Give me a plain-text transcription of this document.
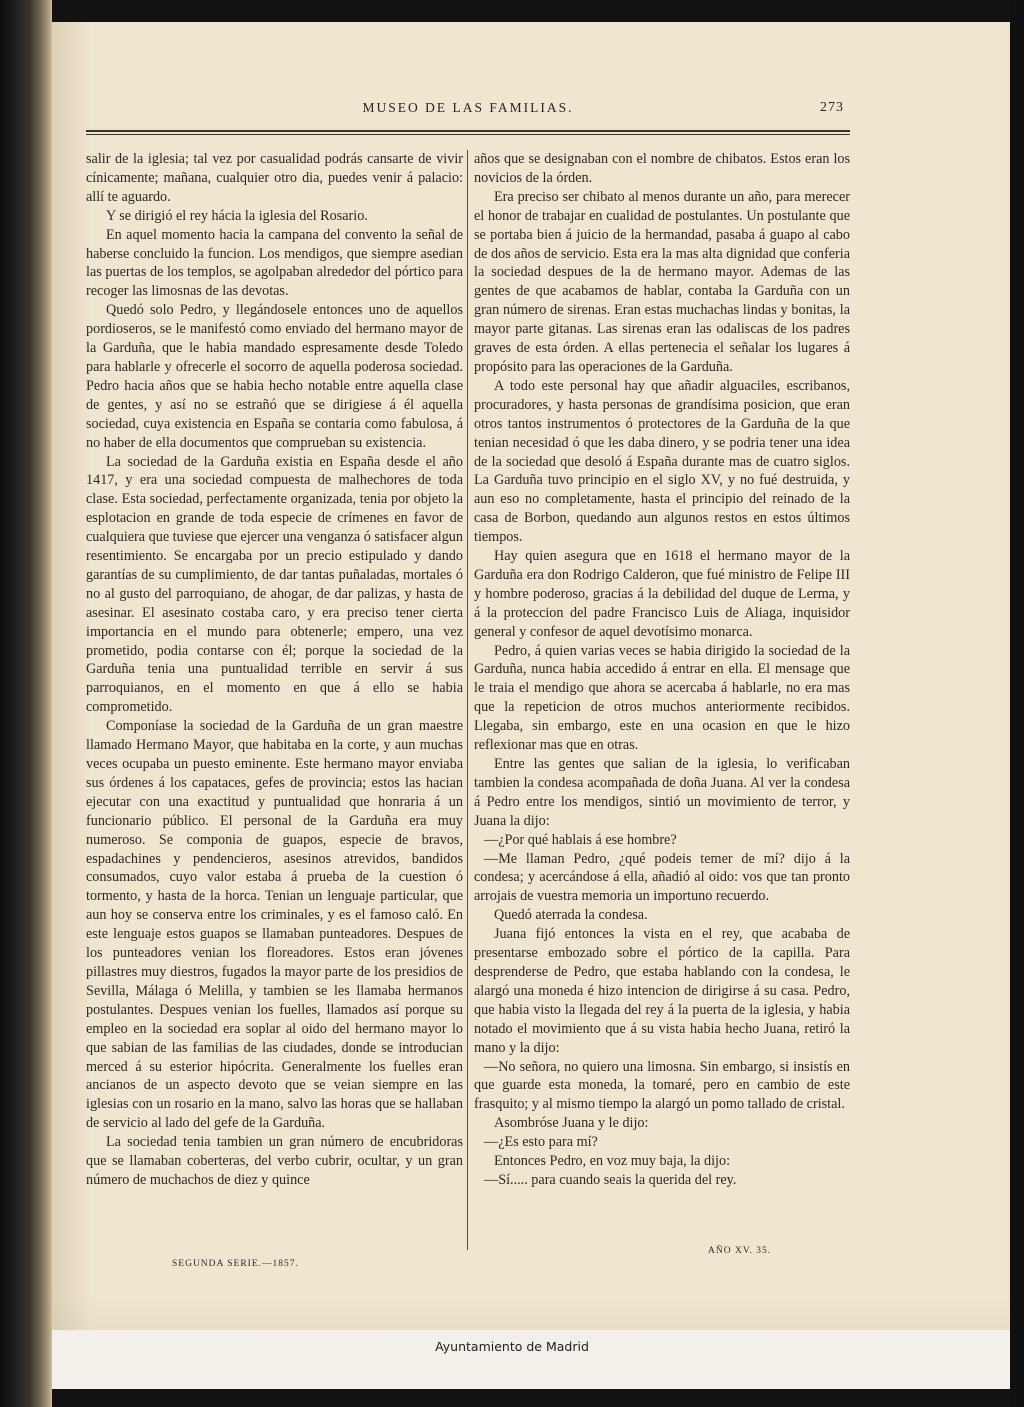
MUSEO DE LAS FAMILIAS.	273

salir de la iglesia; tal vez por casualidad podrás cansarte de vivir cínicamente; mañana, cualquier otro dia, puedes venir á palacio: allí te aguardo.

Y se dirigió el rey hácia la iglesia del Rosario.

En aquel momento hacia la campana del convento la señal de haberse concluido la funcion. Los mendigos, que siempre asedian las puertas de los templos, se agolpaban alrededor del pórtico para recoger las limosnas de las devotas.

Quedó solo Pedro, y llegándosele entonces uno de aquellos pordioseros, se le manifestó como enviado del hermano mayor de la Garduña, que le habia mandado espresamente desde Toledo para hablarle y ofrecerle el socorro de aquella poderosa sociedad. Pedro hacia años que se habia hecho notable entre aquella clase de gentes, y así no se estrañó que se dirigiese á él aquella sociedad, cuya existencia en España se contaria como fabulosa, á no haber de ella documentos que comprueban su existencia.

La sociedad de la Garduña existia en España desde el año 1417, y era una sociedad compuesta de malhechores de toda clase. Esta sociedad, perfectamente organizada, tenia por objeto la esplotacion en grande de toda especie de crímenes en favor de cualquiera que tuviese que ejercer una venganza ó satisfacer algun resentimiento. Se encargaba por un precio estipulado y dando garantías de su cumplimiento, de dar tantas puñaladas, mortales ó no al gusto del parroquiano, de ahogar, de dar palizas, y hasta de asesinar. El asesinato costaba caro, y era preciso tener cierta importancia en el mundo para obtenerle; empero, una vez prometido, podia contarse con él; porque la sociedad de la Garduña tenia una puntualidad terrible en servir á sus parroquianos, en el momento en que á ello se habia comprometido.

Componíase la sociedad de la Garduña de un gran maestre llamado Hermano Mayor, que habitaba en la corte, y aun muchas veces ocupaba un puesto eminente. Este hermano mayor enviaba sus órdenes á los capataces, gefes de provincia; estos las hacian ejecutar con una exactitud y puntualidad que honraria á un funcionario público. El personal de la Garduña era muy numeroso. Se componia de guapos, especie de bravos, espadachines y pendencieros, asesinos atrevidos, bandidos consumados, cuyo valor estaba á prueba de la cuestion ó tormento, y hasta de la horca. Tenian un lenguaje particular, que aun hoy se conserva entre los criminales, y es el famoso caló. En este lenguaje estos guapos se llamaban punteadores. Despues de los punteadores venian los floreadores. Estos eran jóvenes pillastres muy diestros, fugados la mayor parte de los presidios de Sevilla, Málaga ó Melilla, y tambien se les llamaba hermanos postulantes. Despues venian los fuelles, llamados así porque su empleo en la sociedad era soplar al oido del hermano mayor lo que sabian de las familias de las ciudades, donde se introducian merced á su esterior hipócrita. Generalmente los fuelles eran ancianos de un aspecto devoto que se veian siempre en las iglesias con un rosario en la mano, salvo las horas que se hallaban de servicio al lado del gefe de la Garduña.

La sociedad tenia tambien un gran número de encubridoras que se llamaban coberteras, del verbo cubrir, ocultar, y un gran número de muchachos de diez y quince

años que se designaban con el nombre de chibatos. Estos eran los novicios de la órden.

Era preciso ser chibato al menos durante un año, para merecer el honor de trabajar en cualidad de postulantes. Un postulante que se portaba bien á juicio de la hermandad, pasaba á guapo al cabo de dos años de servicio. Esta era la mas alta dignidad que conferia la sociedad despues de la de hermano mayor. Ademas de las gentes de que acabamos de hablar, contaba la Garduña con un gran número de sirenas. Eran estas muchachas lindas y bonitas, la mayor parte gitanas. Las sirenas eran las odaliscas de los padres graves de esta órden. A ellas pertenecia el señalar los lugares á propósito para las operaciones de la Garduña.

A todo este personal hay que añadir alguaciles, escribanos, procuradores, y hasta personas de grandísima posicion, que eran otros tantos instrumentos ó protectores de la Garduña de la que tenian necesidad ó que les daba dinero, y se podria tener una idea de la sociedad que desoló á España durante mas de cuatro siglos. La Garduña tuvo principio en el siglo XV, y no fué destruida, y aun eso no completamente, hasta el principio del reinado de la casa de Borbon, quedando aun algunos restos en estos últimos tiempos.

Hay quien asegura que en 1618 el hermano mayor de la Garduña era don Rodrigo Calderon, que fué ministro de Felipe III y hombre poderoso, gracias á la debilidad del duque de Lerma, y á la proteccion del padre Francisco Luis de Aliaga, inquisidor general y confesor de aquel devotísimo monarca.

Pedro, á quien varias veces se habia dirigido la sociedad de la Garduña, nunca habia accedido á entrar en ella. El mensage que le traia el mendigo que ahora se acercaba á hablarle, no era mas que la repeticion de otros muchos anteriormente recibidos. Llegaba, sin embargo, este en una ocasion en que le hizo reflexionar mas que en otras.

Entre las gentes que salian de la iglesia, lo verificaban tambien la condesa acompañada de doña Juana. Al ver la condesa á Pedro entre los mendigos, sintió un movimiento de terror, y Juana la dijo:

—¿Por qué hablais á ese hombre?

—Me llaman Pedro, ¿qué podeis temer de mí? dijo á la condesa; y acercándose á ella, añadió al oido: vos que tan pronto arrojais de vuestra memoria un importuno recuerdo.

Quedó aterrada la condesa.

Juana fijó entonces la vista en el rey, que acababa de presentarse embozado sobre el pórtico de la capilla. Para desprenderse de Pedro, que estaba hablando con la condesa, le alargó una moneda é hizo intencion de dirigirse á su casa. Pedro, que habia visto la llegada del rey á la puerta de la iglesia, y habia notado el movimiento que á su vista habia hecho Juana, retiró la mano y la dijo:

—No señora, no quiero una limosna. Sin embargo, si insistís en que guarde esta moneda, la tomaré, pero en cambio de este frasquito; y al mismo tiempo la alargó un pomo tallado de cristal.

Asombróse Juana y le dijo:

—¿Es esto para mí?

Entonces Pedro, en voz muy baja, la dijo:

—Sí..... para cuando seais la querida del rey.

SEGUNDA SERIE.—1857.
AÑO XV. 35.
Ayuntamiento de Madrid
